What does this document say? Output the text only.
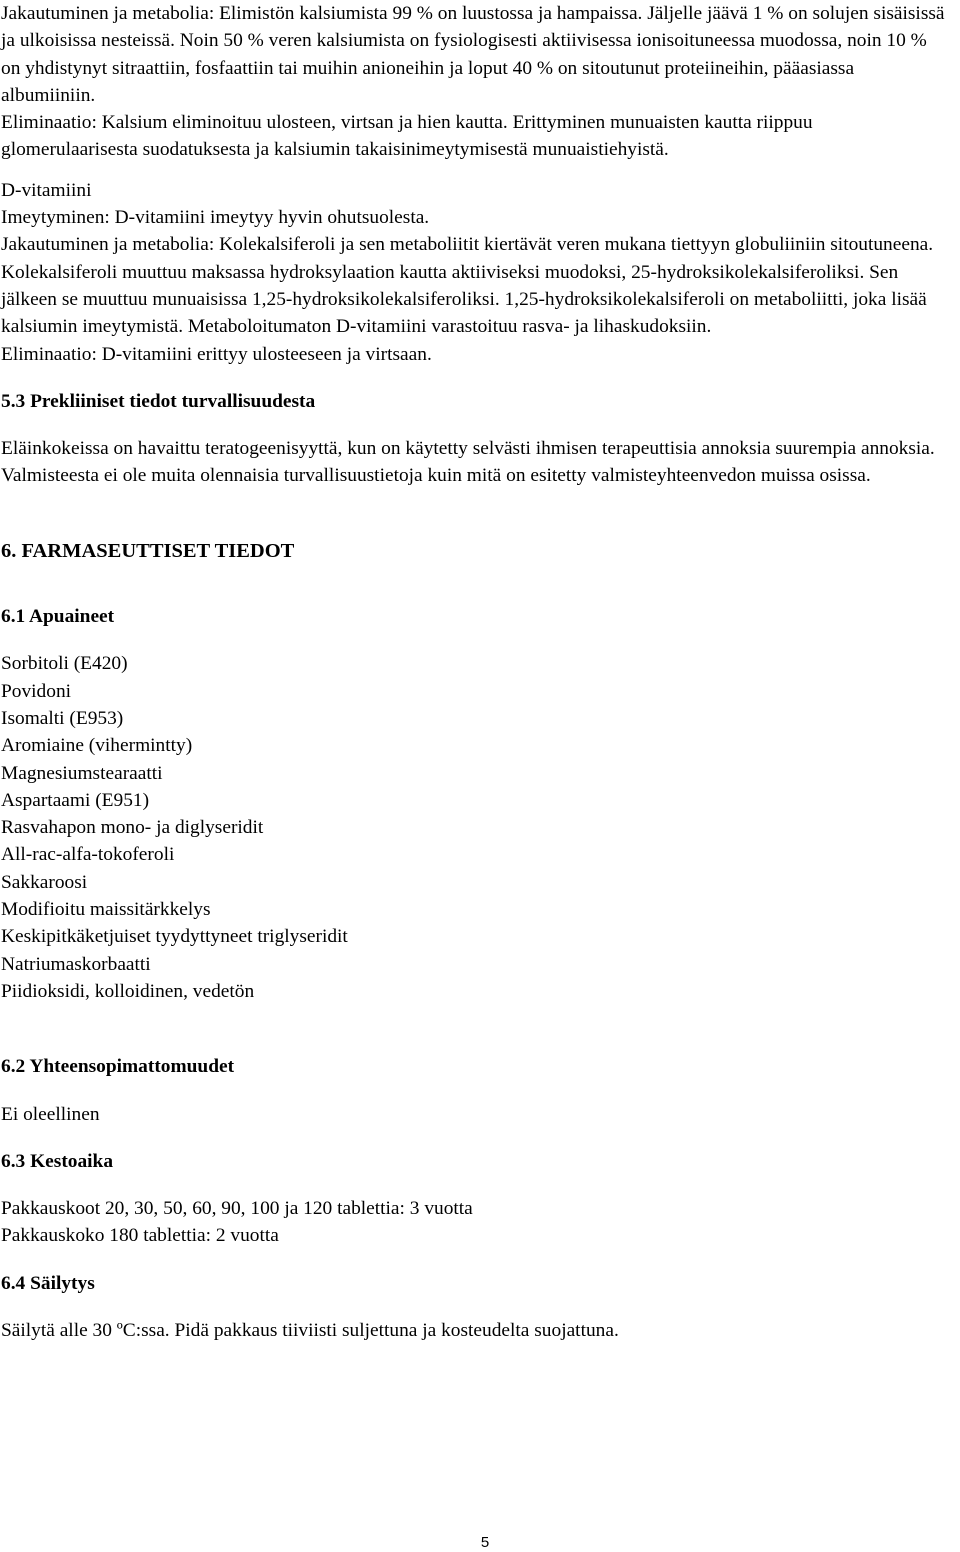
Jakautuminen ja metabolia: Elimistön kalsiumista 99 % on luustossa ja hampaissa. Jäljelle jäävä 1 % on solujen sisäisissä ja ulkoisissa nesteissä. Noin 50 % veren kalsiumista on fysiologisesti aktiivisessa ionisoituneessa muodossa, noin 10 % on yhdistynyt sitraattiin, fosfaattiin tai muihin anioneihin ja loput 40 % on sitoutunut proteiineihin, pääasiassa albumiiniin.

Eliminaatio: Kalsium eliminoituu ulosteen, virtsan ja hien kautta. Erittyminen munuaisten kautta riippuu glomerulaarisesta suodatuksesta ja kalsiumin takaisinimeytymisestä munuaistiehyistä.

D-vitamiini

Imeytyminen: D-vitamiini imeytyy hyvin ohutsuolesta.

Jakautuminen ja metabolia: Kolekalsiferoli ja sen metaboliitit kiertävät veren mukana tiettyyn globuliiniin sitoutuneena. Kolekalsiferoli muuttuu maksassa hydroksylaation kautta aktiiviseksi muodoksi, 25-hydroksikolekalsiferoliksi. Sen jälkeen se muuttuu munuaisissa 1,25-hydroksikolekalsiferoliksi. 1,25-hydroksikolekalsiferoli on metaboliitti, joka lisää kalsiumin imeytymistä. Metaboloitumaton D-vitamiini varastoituu rasva- ja lihaskudoksiin.

Eliminaatio: D-vitamiini erittyy ulosteeseen ja virtsaan.

5.3 Prekliiniset tiedot turvallisuudesta

Eläinkokeissa on havaittu teratogeenisyyttä, kun on käytetty selvästi ihmisen terapeuttisia annoksia suurempia annoksia. Valmisteesta ei ole muita olennaisia turvallisuustietoja kuin mitä on esitetty valmisteyhteenvedon muissa osissa.

6. FARMASEUTTISET TIEDOT
6.1 Apuaineet
Sorbitoli (E420)
Povidoni
Isomalti (E953)
Aromiaine (vihermintty)
Magnesiumstearaatti
Aspartaami (E951)
Rasvahapon mono- ja diglyseridit
All-rac-alfa-tokoferoli
Sakkaroosi
Modifioitu maissitärkkelys
Keskipitkäketjuiset tyydyttyneet triglyseridit
Natriumaskorbaatti
Piidioksidi, kolloidinen, vedetön
6.2 Yhteensopimattomuudet

Ei oleellinen

6.3 Kestoaika

Pakkauskoot 20, 30, 50, 60, 90, 100 ja 120 tablettia: 3 vuotta

Pakkauskoko 180 tablettia: 2 vuotta

6.4 Säilytys

Säilytä alle 30 ºC:ssa. Pidä pakkaus tiiviisti suljettuna ja kosteudelta suojattuna.

5
